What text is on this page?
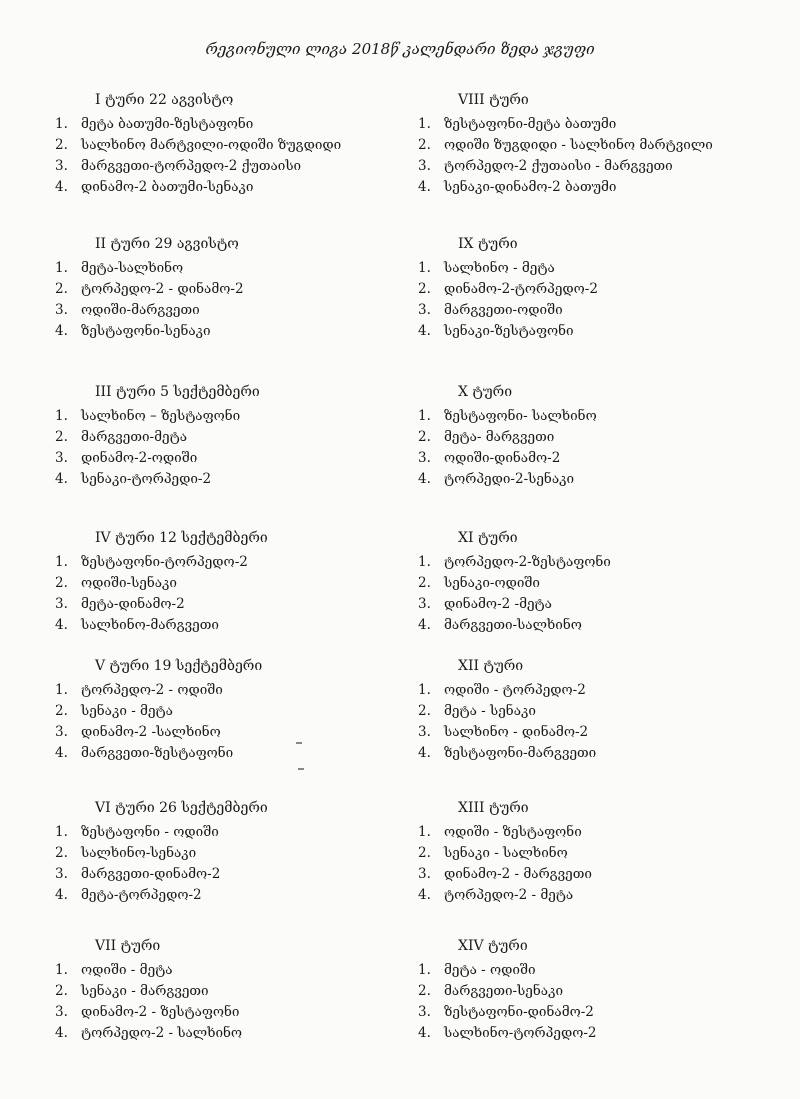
რეგიონული ლიგა 2018წ კალენდარი ზედა ჯგუფი
I ტური 22 აგვისტო
1. მეტა ბათუმი-ზესტაფონი
2. სალხინო მარტვილი-ოდიში ზუგდიდი
3. მარგვეთი-ტორპედო-2 ქუთაისი
4. დინამო-2 ბათუმი-სენაკი
II ტური 29 აგვისტო
1. მეტა-სალხინო
2. ტორპედო-2 - დინამო-2
3. ოდიში-მარგვეთი
4. ზესტაფონი-სენაკი
III ტური 5 სექტემბერი
1. სალხინო – ზესტაფონი
2. მარგვეთი-მეტა
3. დინამო-2-ოდიში
4. სენაკი-ტორპედი-2
IV ტური 12 სექტემბერი
1. ზესტაფონი-ტორპედო-2
2. ოდიში-სენაკი
3. მეტა-დინამო-2
4. სალხინო-მარგვეთი
V ტური 19 სექტემბერი
1. ტორპედო-2 - ოდიში
2. სენაკი - მეტა
3. დინამო-2 -სალხინო
4. მარგვეთი-ზესტაფონი
VI ტური 26 სექტემბერი
1. ზესტაფონი - ოდიში
2. სალხინო-სენაკი
3. მარგვეთი-დინამო-2
4. მეტა-ტორპედო-2
VII ტური
1. ოდიში - მეტა
2. სენაკი - მარგვეთი
3. დინამო-2 - ზესტაფონი
4. ტორპედო-2 - სალხინო
VIII ტური
1. ზესტაფონი-მეტა ბათუმი
2. ოდიში ზუგდიდი - სალხინო მარტვილი
3. ტორპედო-2 ქუთაისი - მარგვეთი
4. სენაკი-დინამო-2 ბათუმი
IX ტური
1. სალხინო - მეტა
2. დინამო-2-ტორპედო-2
3. მარგვეთი-ოდიში
4. სენაკი-ზესტაფონი
X ტური
1. ზესტაფონი- სალხინო
2. მეტა- მარგვეთი
3. ოდიში-დინამო-2
4. ტორპედი-2-სენაკი
XI ტური
1. ტორპედო-2-ზესტაფონი
2. სენაკი-ოდიში
3. დინამო-2 -მეტა
4. მარგვეთი-სალხინო
XII ტური
1. ოდიში - ტორპედო-2
2. მეტა - სენაკი
3. სალხინო - დინამო-2
4. ზესტაფონი-მარგვეთი
XIII ტური
1. ოდიში - ზესტაფონი
2. სენაკი - სალხინო
3. დინამო-2 - მარგვეთი
4. ტორპედო-2 - მეტა
XIV ტური
1. მეტა - ოდიში
2. მარგვეთი-სენაკი
3. ზესტაფონი-დინამო-2
4. სალხინო-ტორპედო-2
